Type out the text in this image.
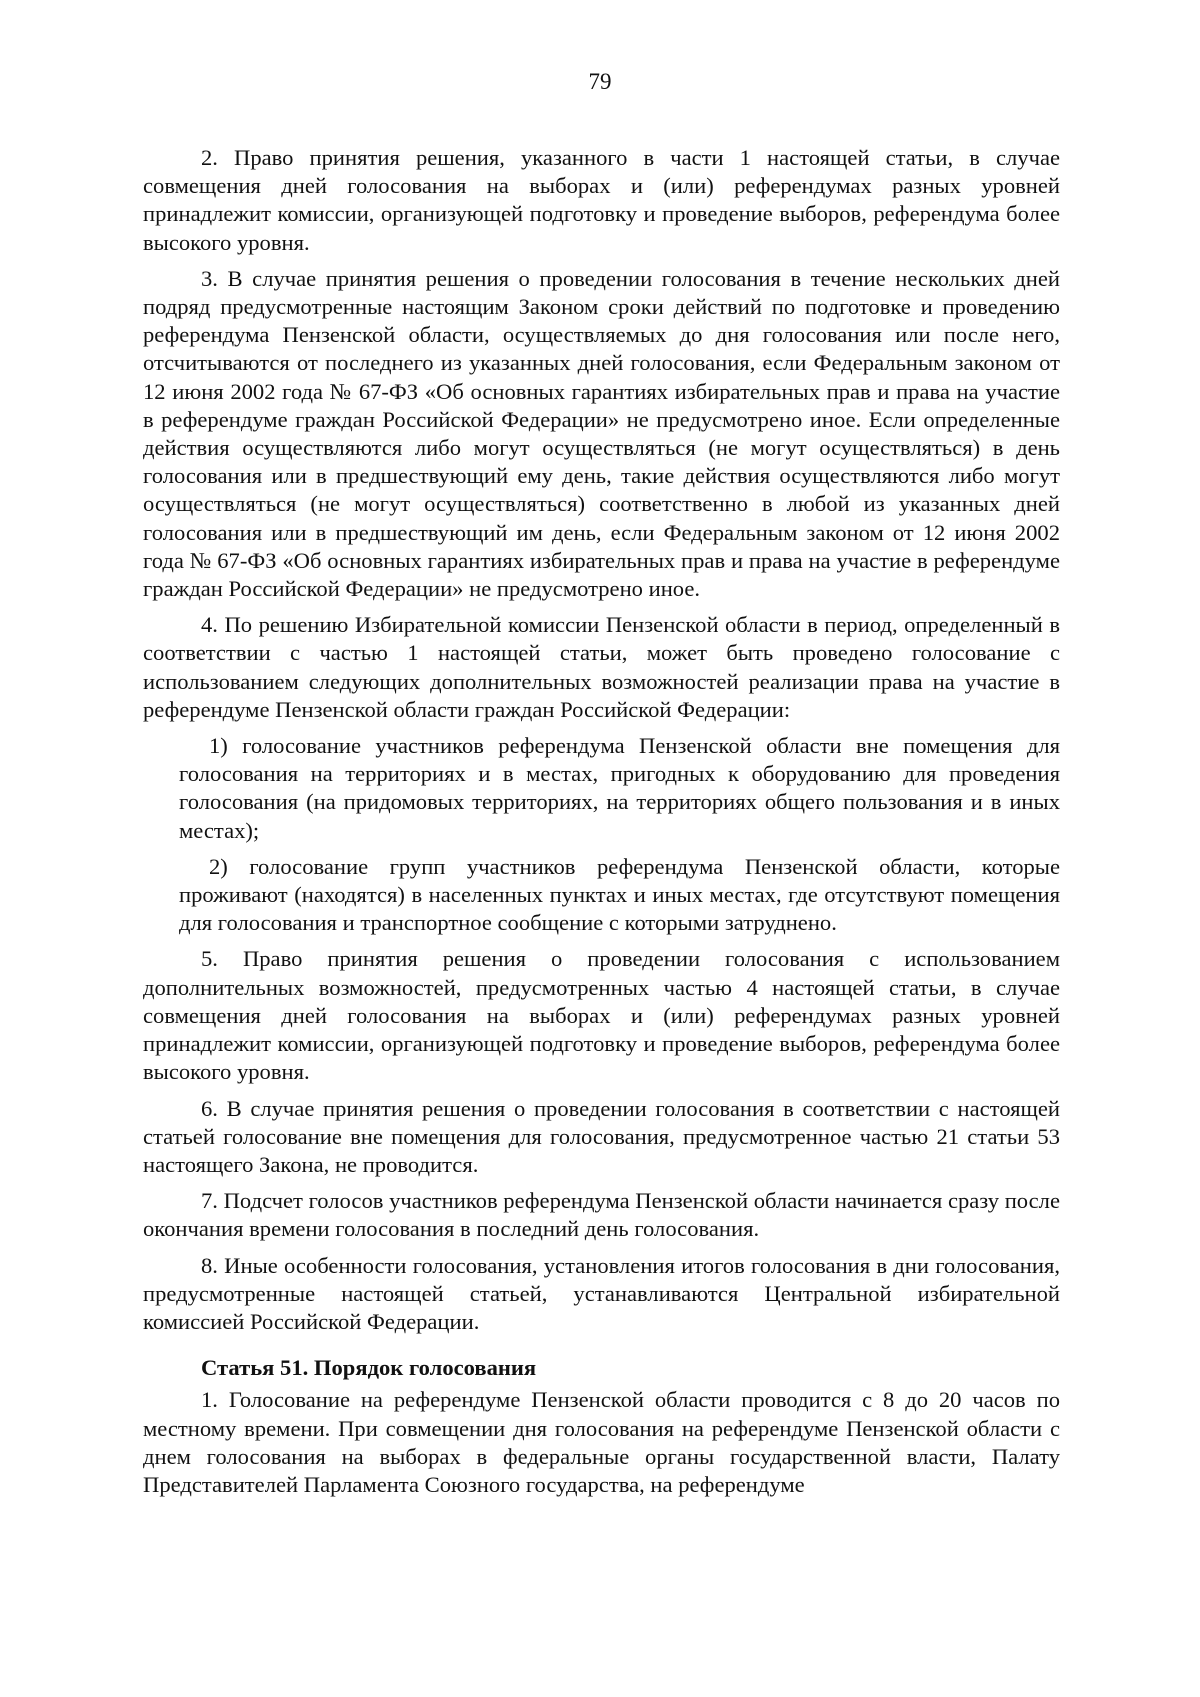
79

2. Право принятия решения, указанного в части 1 настоящей статьи, в случае совмещения дней голосования на выборах и (или) референдумах разных уровней принадлежит комиссии, организующей подготовку и проведение выборов, референдума более высокого уровня.

3. В случае принятия решения о проведении голосования в течение нескольких дней подряд предусмотренные настоящим Законом сроки действий по подготовке и проведению референдума Пензенской области, осуществляемых до дня голосования или после него, отсчитываются от последнего из указанных дней голосования, если Федеральным законом от 12 июня 2002 года № 67-ФЗ «Об основных гарантиях избирательных прав и права на участие в референдуме граждан Российской Федерации» не предусмотрено иное. Если определенные действия осуществляются либо могут осуществляться (не могут осуществляться) в день голосования или в предшествующий ему день, такие действия осуществляются либо могут осуществляться (не могут осуществляться) соответственно в любой из указанных дней голосования или в предшествующий им день, если Федеральным законом от 12 июня 2002 года № 67-ФЗ «Об основных гарантиях избирательных прав и права на участие в референдуме граждан Российской Федерации» не предусмотрено иное.

4. По решению Избирательной комиссии Пензенской области в период, определенный в соответствии с частью 1 настоящей статьи, может быть проведено голосование с использованием следующих дополнительных возможностей реализации права на участие в референдуме Пензенской области граждан Российской Федерации:

1) голосование участников референдума Пензенской области вне помещения для голосования на территориях и в местах, пригодных к оборудованию для проведения голосования (на придомовых территориях, на территориях общего пользования и в иных местах);

2) голосование групп участников референдума Пензенской области, которые проживают (находятся) в населенных пунктах и иных местах, где отсутствуют помещения для голосования и транспортное сообщение с которыми затруднено.

5. Право принятия решения о проведении голосования с использованием дополнительных возможностей, предусмотренных частью 4 настоящей статьи, в случае совмещения дней голосования на выборах и (или) референдумах разных уровней принадлежит комиссии, организующей подготовку и проведение выборов, референдума более высокого уровня.

6. В случае принятия решения о проведении голосования в соответствии с настоящей статьей голосование вне помещения для голосования, предусмотренное частью 21 статьи 53 настоящего Закона, не проводится.

7. Подсчет голосов участников референдума Пензенской области начинается сразу после окончания времени голосования в последний день голосования.

8. Иные особенности голосования, установления итогов голосования в дни голосования, предусмотренные настоящей статьей, устанавливаются Центральной избирательной комиссией Российской Федерации.

Статья 51. Порядок голосования

1. Голосование на референдуме Пензенской области проводится с 8 до 20 часов по местному времени. При совмещении дня голосования на референдуме Пензенской области с днем голосования на выборах в федеральные органы государственной власти, Палату Представителей Парламента Союзного государства, на референдуме
